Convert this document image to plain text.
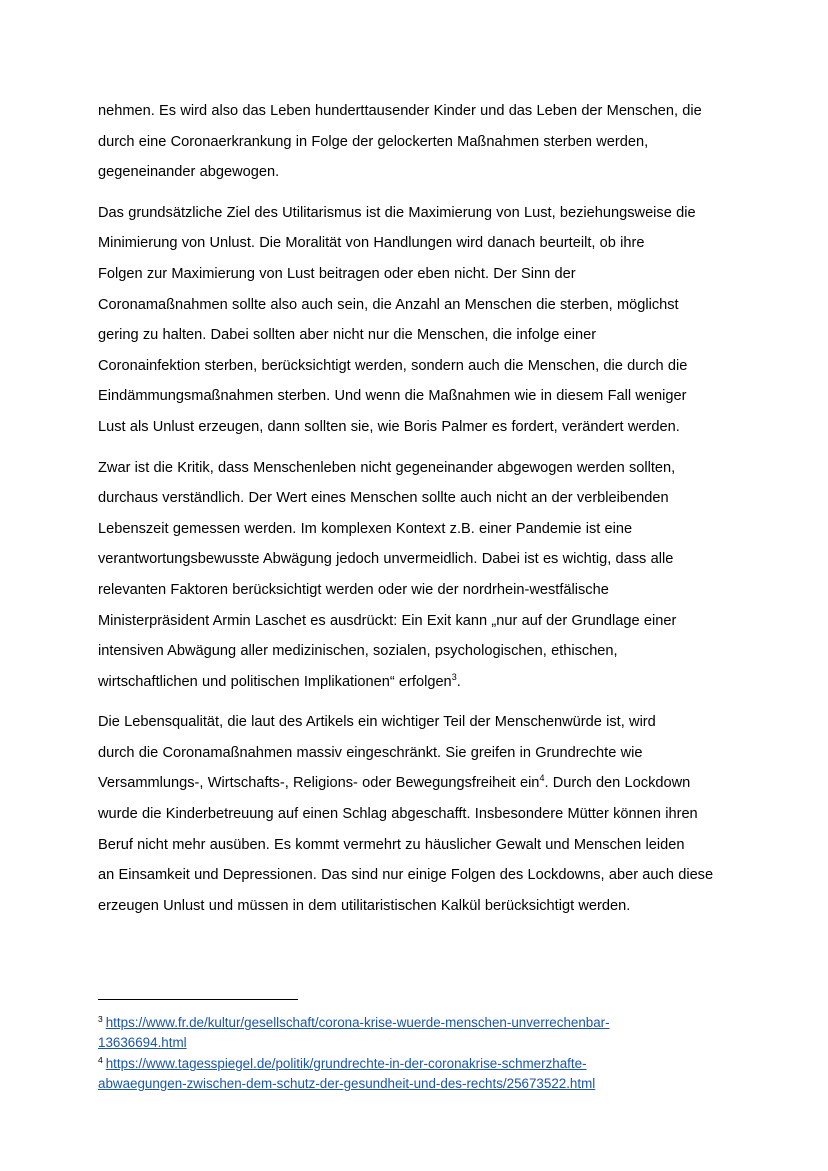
nehmen. Es wird also das Leben hunderttausender Kinder und das Leben der Menschen, die
durch eine Coronaerkrankung in Folge der gelockerten Maßnahmen sterben werden,
gegeneinander abgewogen.

Das grundsätzliche Ziel des Utilitarismus ist die Maximierung von Lust, beziehungsweise die
Minimierung von Unlust. Die Moralität von Handlungen wird danach beurteilt, ob ihre
Folgen zur Maximierung von Lust beitragen oder eben nicht. Der Sinn der
Coronamaßnahmen sollte also auch sein, die Anzahl an Menschen die sterben, möglichst
gering zu halten. Dabei sollten aber nicht nur die Menschen, die infolge einer
Coronainfektion sterben, berücksichtigt werden, sondern auch die Menschen, die durch die
Eindämmungsmaßnahmen sterben. Und wenn die Maßnahmen wie in diesem Fall weniger
Lust als Unlust erzeugen, dann sollten sie, wie Boris Palmer es fordert, verändert werden.

Zwar ist die Kritik, dass Menschenleben nicht gegeneinander abgewogen werden sollten,
durchaus verständlich. Der Wert eines Menschen sollte auch nicht an der verbleibenden
Lebenszeit gemessen werden. Im komplexen Kontext z.B. einer Pandemie ist eine
verantwortungsbewusste Abwägung jedoch unvermeidlich. Dabei ist es wichtig, dass alle
relevanten Faktoren berücksichtigt werden oder wie der nordrhein-westfälische
Ministerpräsident Armin Laschet es ausdrückt: Ein Exit kann „nur auf der Grundlage einer
intensiven Abwägung aller medizinischen, sozialen, psychologischen, ethischen,
wirtschaftlichen und politischen Implikationen“ erfolgen$^3$.

Die Lebensqualität, die laut des Artikels ein wichtiger Teil der Menschenwürde ist, wird
durch die Coronamaßnahmen massiv eingeschränkt. Sie greifen in Grundrechte wie
Versammlungs-, Wirtschafts-, Religions- oder Bewegungsfreiheit ein$^4$. Durch den Lockdown
wurde die Kinderbetreuung auf einen Schlag abgeschafft. Insbesondere Mütter können ihren
Beruf nicht mehr ausüben. Es kommt vermehrt zu häuslicher Gewalt und Menschen leiden
an Einsamkeit und Depressionen. Das sind nur einige Folgen des Lockdowns, aber auch diese
erzeugen Unlust und müssen in dem utilitaristischen Kalkül berücksichtigt werden.

$^3$ https://www.fr.de/kultur/gesellschaft/corona-krise-wuerde-menschen-unverrechenbar-
13636694.html
$^4$ https://www.tagesspiegel.de/politik/grundrechte-in-der-coronakrise-schmerzhafte-
abwaegungen-zwischen-dem-schutz-der-gesundheit-und-des-rechts/25673522.html
